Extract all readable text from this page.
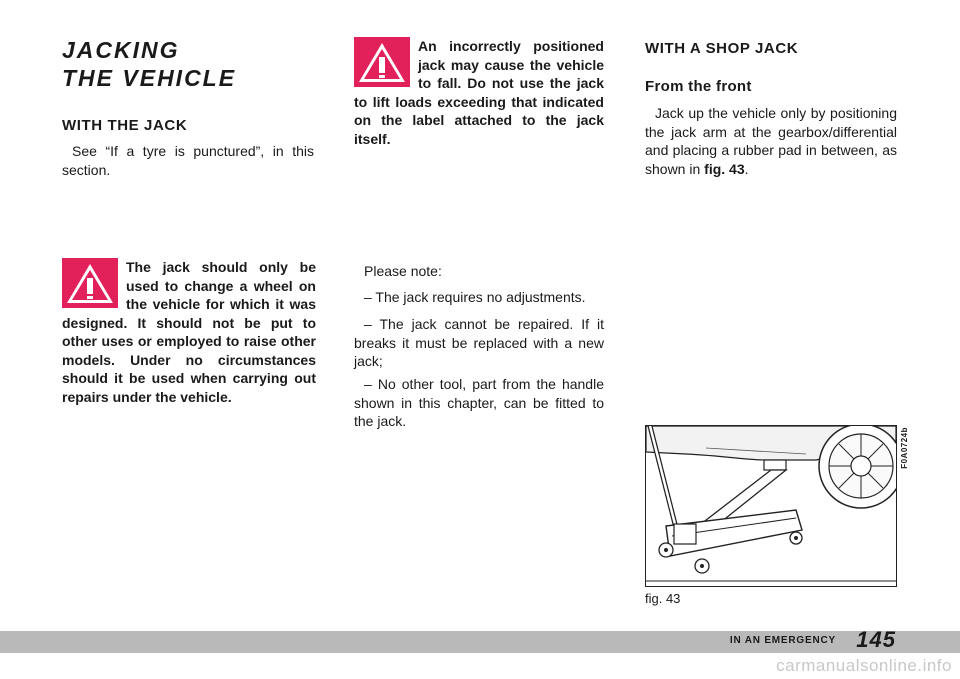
JACKING
THE VEHICLE
WITH THE JACK

See “If a tyre is punctured”, in this section.

The jack should only be used to change a wheel on the vehicle for which it was designed. It should not be put to other uses or employed to raise other models. Under no circumstances should it be used when carrying out repairs under the vehicle.

An incorrectly positioned jack may cause the vehicle to fall. Do not use the jack to lift loads exceeding that indicated on the label attached to the jack itself.

Please note:

– The jack requires no adjustments.

– The jack cannot be repaired. If it breaks it must be replaced with a new jack;

– No other tool, part from the handle shown in this chapter, can be fitted to the jack.

WITH A SHOP JACK
From the front

Jack up the vehicle only by positioning the jack arm at the gearbox/differential and placing a rubber pad in between, as shown in fig. 43.

F0A0724b
fig. 43
IN AN EMERGENCY 145
carmanualsonline.info
